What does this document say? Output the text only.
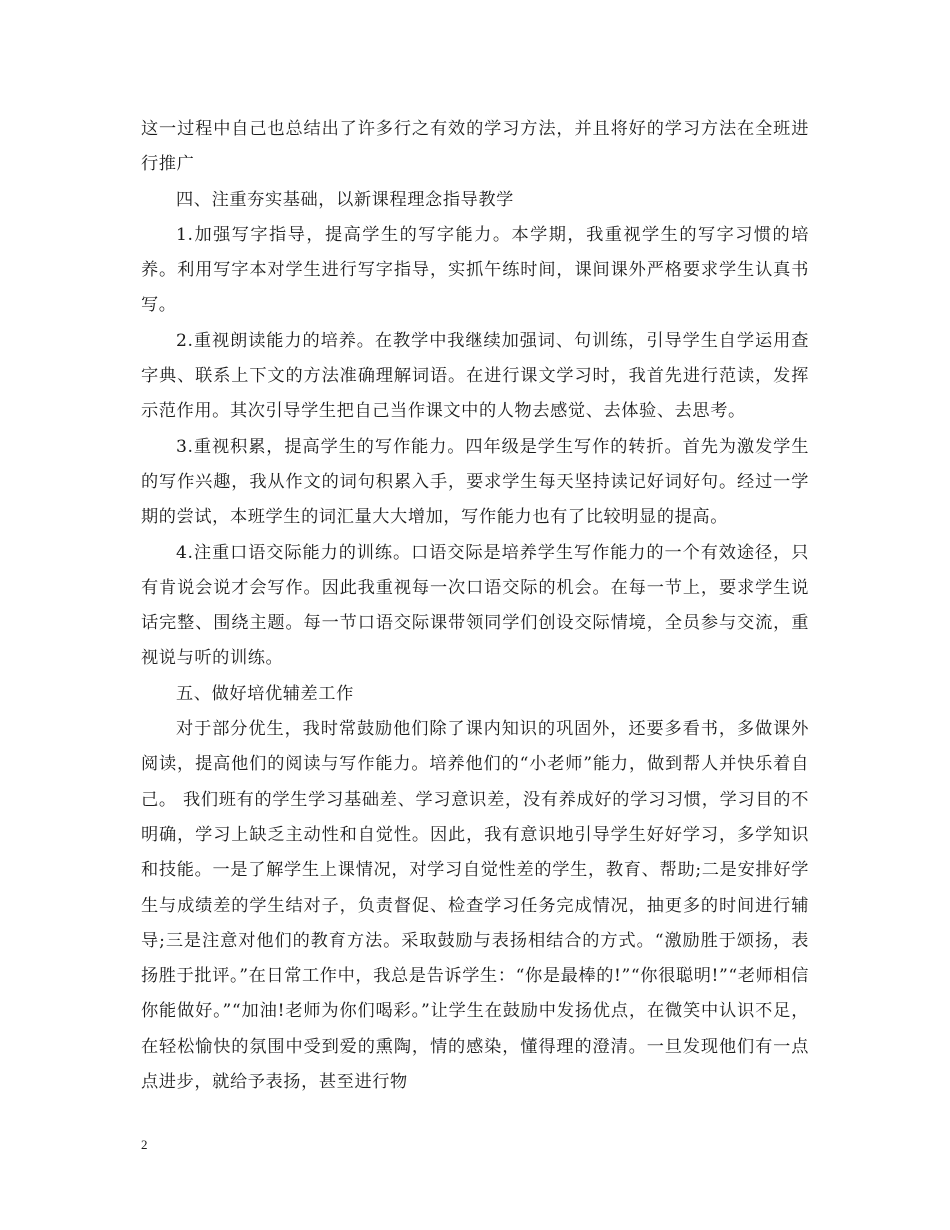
这一过程中自己也总结出了许多行之有效的学习方法，并且将好的学习方法在全班进行推广

四、注重夯实基础，以新课程理念指导教学

1.加强写字指导，提高学生的写字能力。本学期，我重视学生的写字习惯的培养。利用写字本对学生进行写字指导，实抓午练时间，课间课外严格要求学生认真书写。

2.重视朗读能力的培养。在教学中我继续加强词、句训练，引导学生自学运用查字典、联系上下文的方法准确理解词语。在进行课文学习时，我首先进行范读，发挥示范作用。其次引导学生把自己当作课文中的人物去感觉、去体验、去思考。

3.重视积累，提高学生的写作能力。四年级是学生写作的转折。首先为激发学生的写作兴趣，我从作文的词句积累入手，要求学生每天坚持读记好词好句。经过一学期的尝试，本班学生的词汇量大大增加，写作能力也有了比较明显的提高。

4.注重口语交际能力的训练。口语交际是培养学生写作能力的一个有效途径，只有肯说会说才会写作。因此我重视每一次口语交际的机会。在每一节上，要求学生说话完整、围绕主题。每一节口语交际课带领同学们创设交际情境，全员参与交流，重视说与听的训练。

五、做好培优辅差工作

对于部分优生，我时常鼓励他们除了课内知识的巩固外，还要多看书，多做课外阅读，提高他们的阅读与写作能力。培养他们的“小老师”能力，做到帮人并快乐着自己。 我们班有的学生学习基础差、学习意识差，没有养成好的学习习惯，学习目的不明确，学习上缺乏主动性和自觉性。因此，我有意识地引导学生好好学习，多学知识和技能。一是了解学生上课情况，对学习自觉性差的学生，教育、帮助;二是安排好学生与成绩差的学生结对子，负责督促、检查学习任务完成情况，抽更多的时间进行辅导;三是注意对他们的教育方法。采取鼓励与表扬相结合的方式。“激励胜于颂扬，表扬胜于批评。”在日常工作中，我总是告诉学生：“你是最棒的!”“你很聪明!”“老师相信你能做好。”“加油!老师为你们喝彩。”让学生在鼓励中发扬优点，在微笑中认识不足，在轻松愉快的氛围中受到爱的熏陶，情的感染，懂得理的澄清。一旦发现他们有一点点进步，就给予表扬，甚至进行物

2
